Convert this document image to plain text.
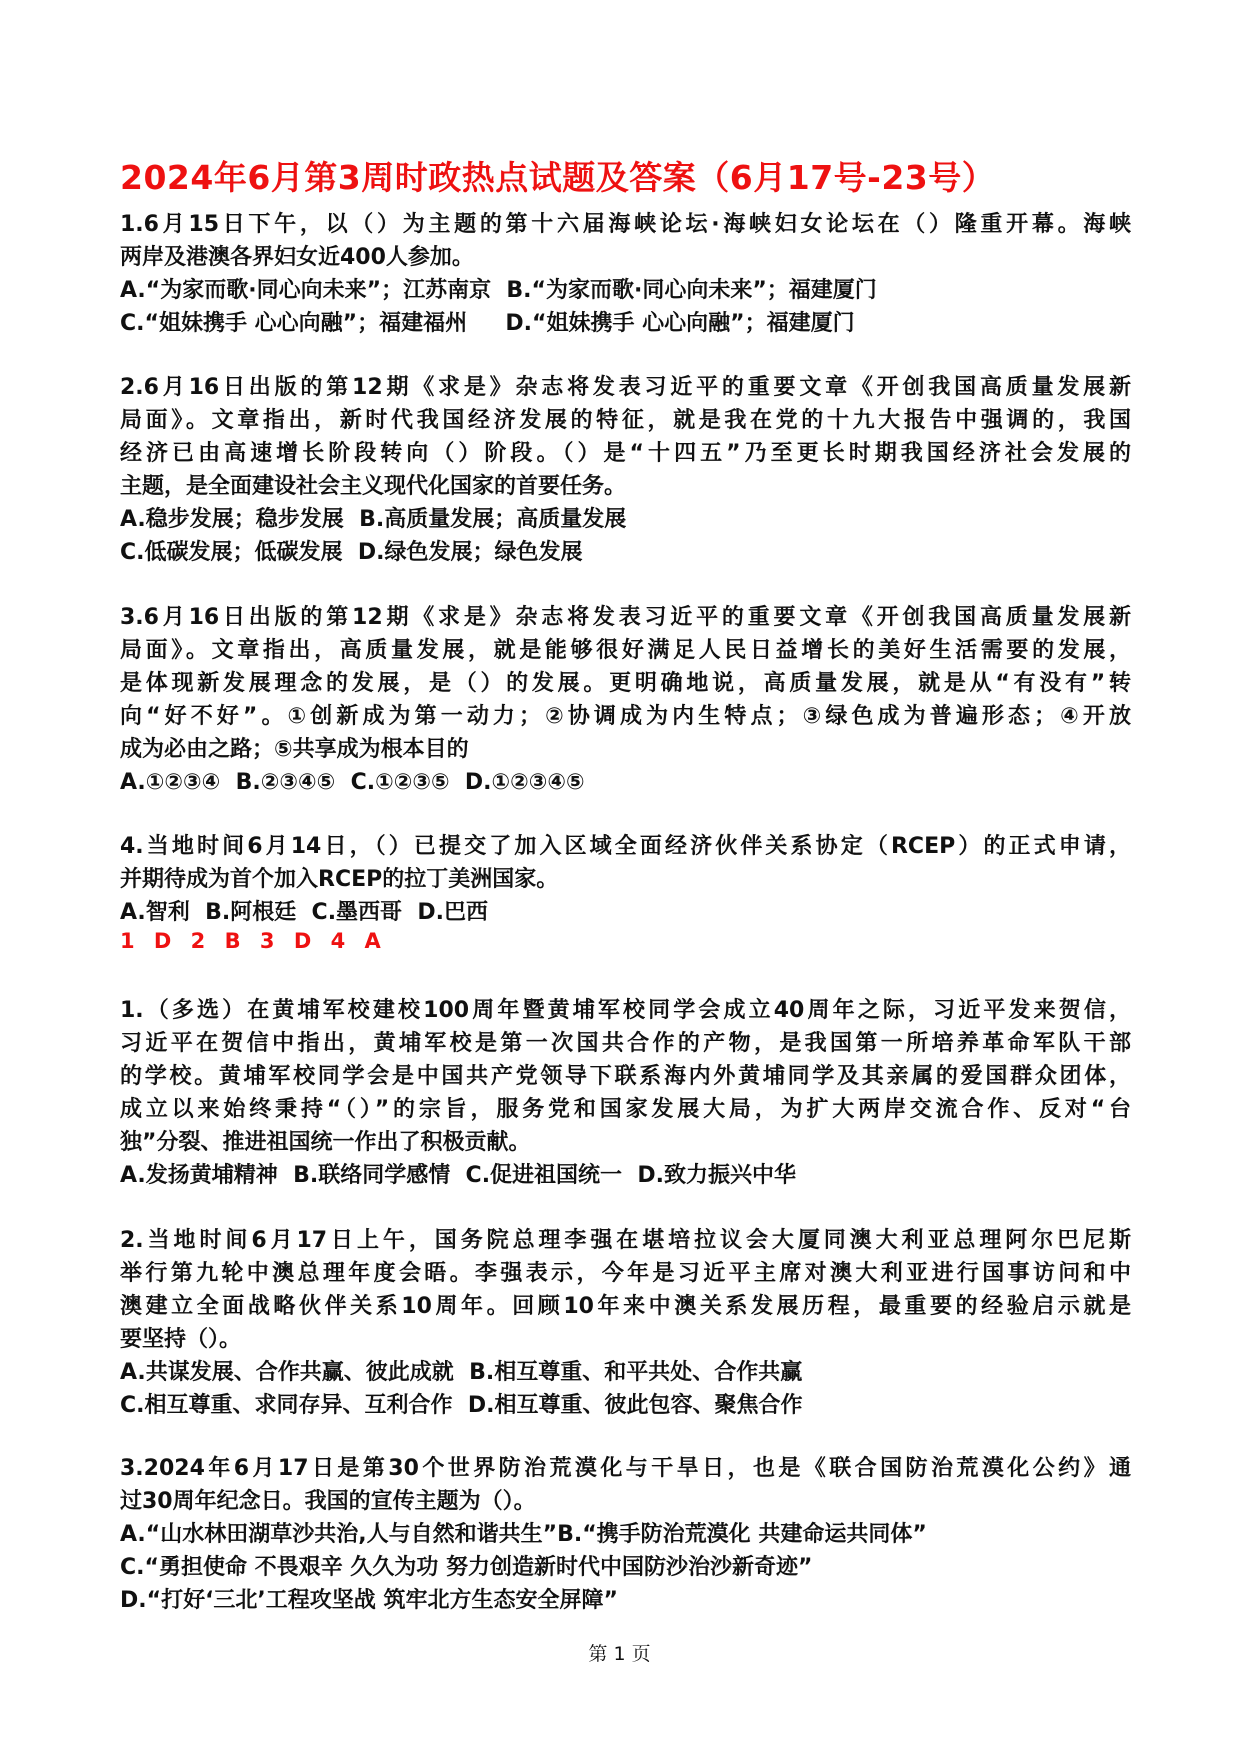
2024年6月第3周时政热点试题及答案（6月17号-23号）
1.6月15日下午，以（）为主题的第十六届海峡论坛·海峡妇女论坛在（）隆重开幕。海峡
两岸及港澳各界妇女近400人参加。
A.“为家而歌·同心向未来”；江苏南京  B.“为家而歌·同心向未来”；福建厦门
C.“姐妹携手 心心向融”；福建福州     D.“姐妹携手 心心向融”；福建厦门
2.6月16日出版的第12期《求是》杂志将发表习近平的重要文章《开创我国高质量发展新
局面》。文章指出，新时代我国经济发展的特征，就是我在党的十九大报告中强调的，我国
经济已由高速增长阶段转向（）阶段。（）是“十四五”乃至更长时期我国经济社会发展的
主题，是全面建设社会主义现代化国家的首要任务。
A.稳步发展；稳步发展  B.高质量发展；高质量发展
C.低碳发展；低碳发展  D.绿色发展；绿色发展
3.6月16日出版的第12期《求是》杂志将发表习近平的重要文章《开创我国高质量发展新
局面》。文章指出，高质量发展，就是能够很好满足人民日益增长的美好生活需要的发展，
是体现新发展理念的发展，是（）的发展。更明确地说，高质量发展，就是从“有没有”转
向“好不好”。①创新成为第一动力；②协调成为内生特点；③绿色成为普遍形态；④开放
成为必由之路；⑤共享成为根本目的
A.①②③④  B.②③④⑤  C.①②③⑤  D.①②③④⑤
4.当地时间6月14日，（）已提交了加入区域全面经济伙伴关系协定（RCEP）的正式申请，
并期待成为首个加入RCEP的拉丁美洲国家。
A.智利  B.阿根廷  C.墨西哥  D.巴西
1 D 2 B 3 D 4 A
1.（多选）在黄埔军校建校100周年暨黄埔军校同学会成立40周年之际，习近平发来贺信，
习近平在贺信中指出，黄埔军校是第一次国共合作的产物，是我国第一所培养革命军队干部
的学校。黄埔军校同学会是中国共产党领导下联系海内外黄埔同学及其亲属的爱国群众团体，
成立以来始终秉持“（）”的宗旨，服务党和国家发展大局，为扩大两岸交流合作、反对“台
独”分裂、推进祖国统一作出了积极贡献。
A.发扬黄埔精神  B.联络同学感情  C.促进祖国统一  D.致力振兴中华
2.当地时间6月17日上午，国务院总理李强在堪培拉议会大厦同澳大利亚总理阿尔巴尼斯
举行第九轮中澳总理年度会晤。李强表示，今年是习近平主席对澳大利亚进行国事访问和中
澳建立全面战略伙伴关系10周年。回顾10年来中澳关系发展历程，最重要的经验启示就是
要坚持（）。
A.共谋发展、合作共赢、彼此成就  B.相互尊重、和平共处、合作共赢
C.相互尊重、求同存异、互利合作  D.相互尊重、彼此包容、聚焦合作
3.2024年6月17日是第30个世界防治荒漠化与干旱日，也是《联合国防治荒漠化公约》通
过30周年纪念日。我国的宣传主题为（）。
A.“山水林田湖草沙共治,人与自然和谐共生”B.“携手防治荒漠化 共建命运共同体”
C.“勇担使命 不畏艰辛 久久为功 努力创造新时代中国防沙治沙新奇迹”
D.“打好‘三北’工程攻坚战 筑牢北方生态安全屏障”
第 1 页
